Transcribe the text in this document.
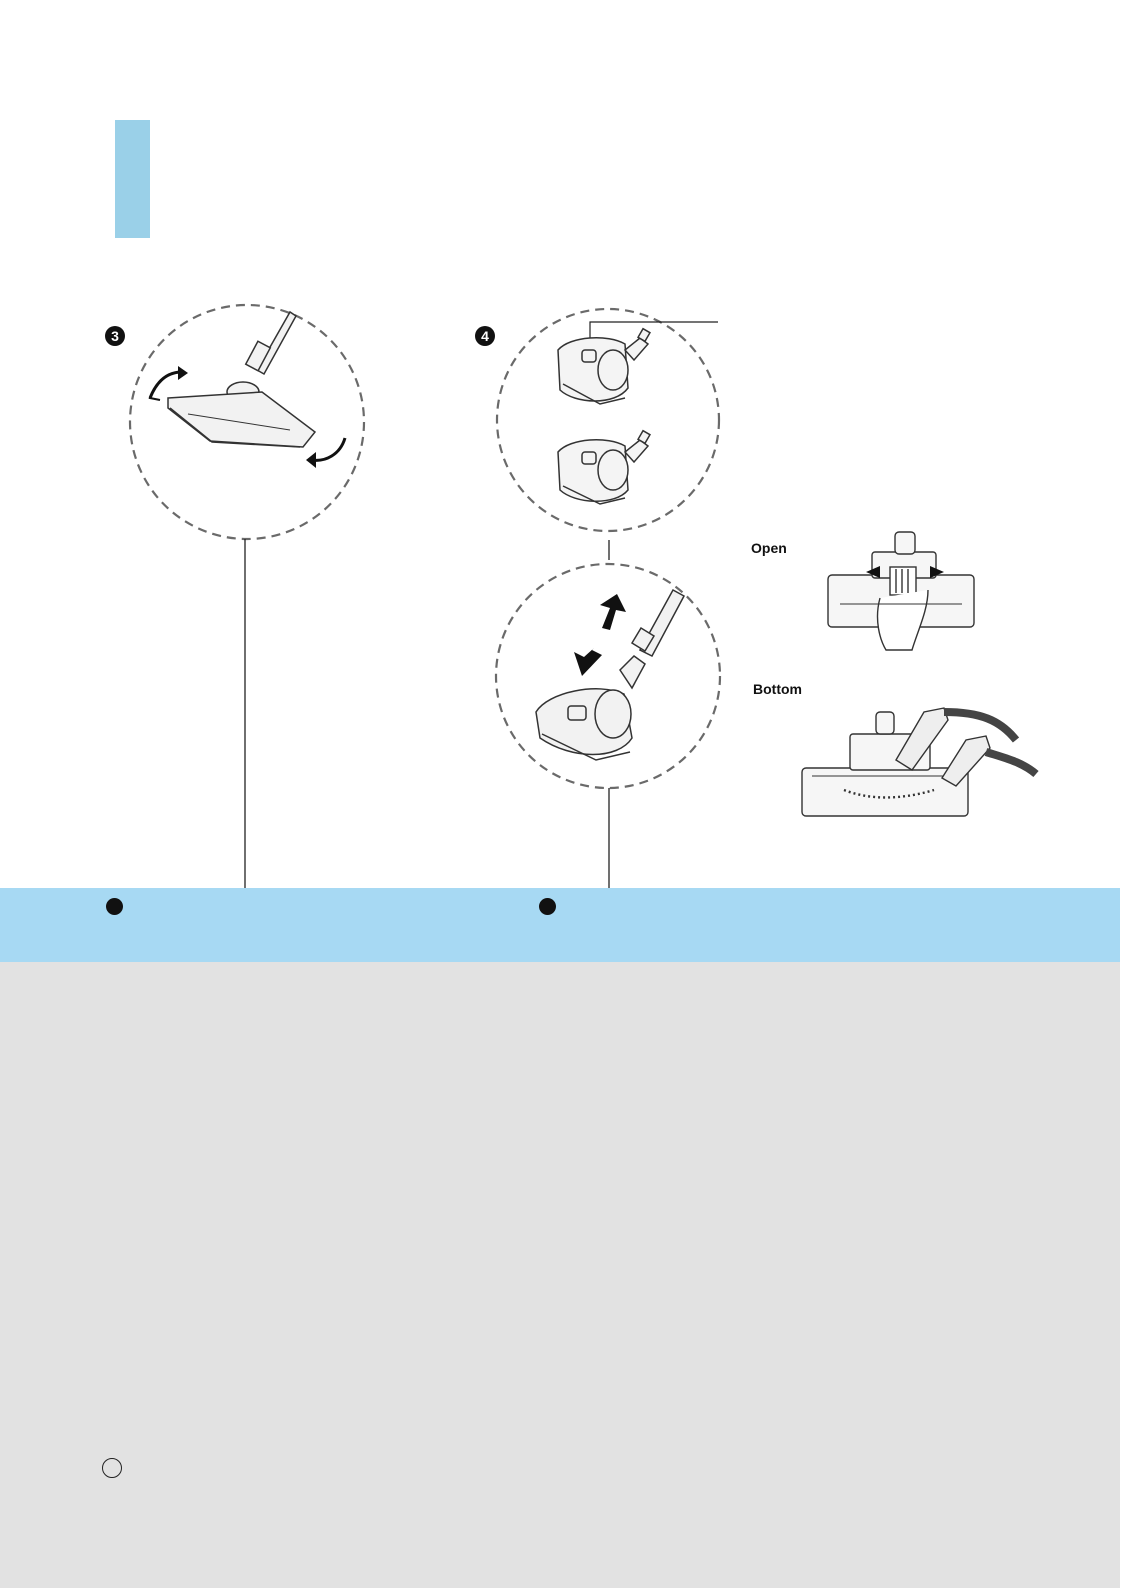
3	4
Open
Bottom
